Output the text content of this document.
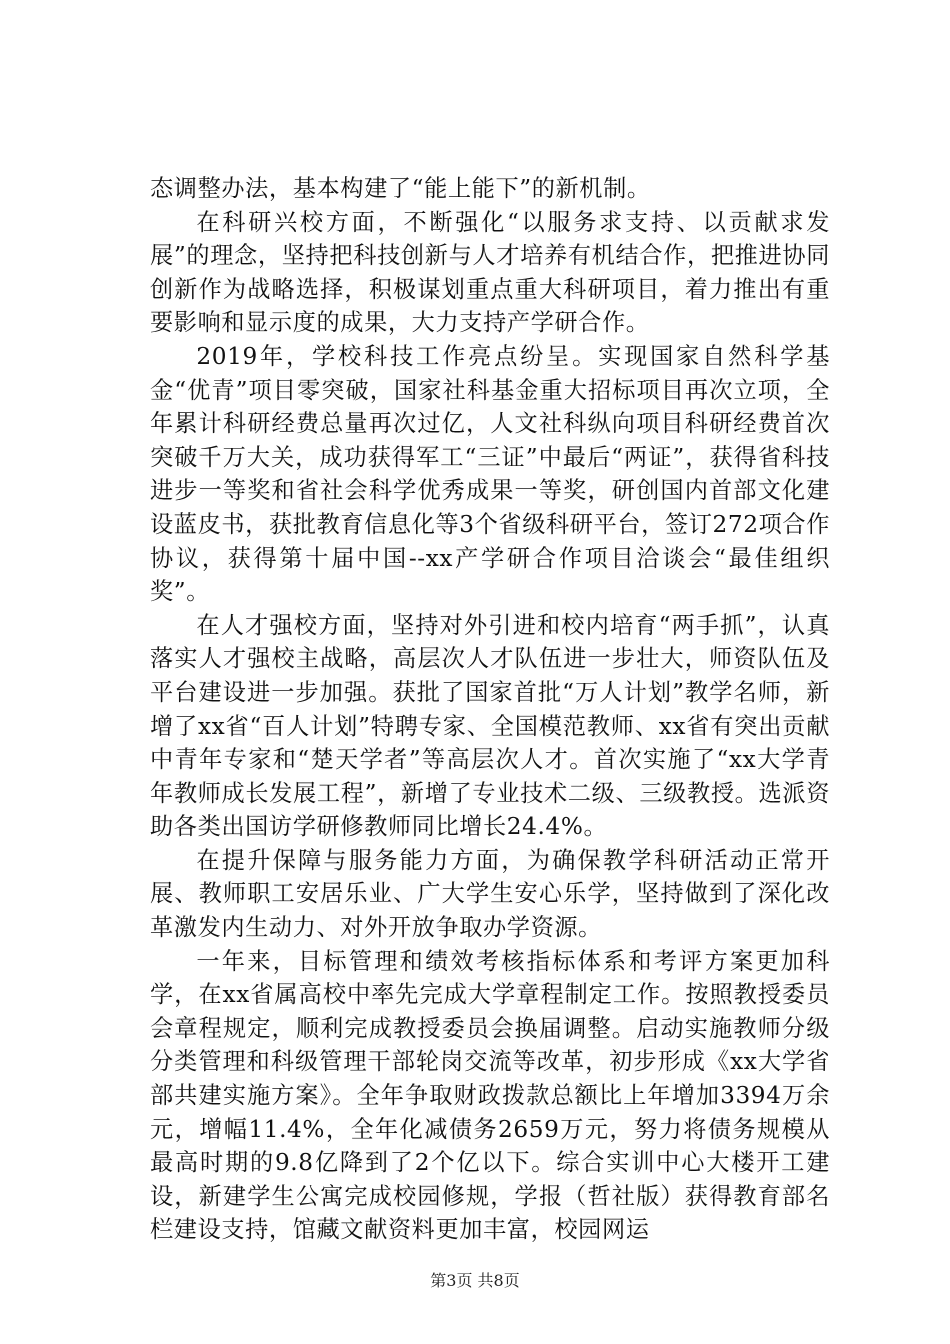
态调整办法，基本构建了“能上能下”的新机制。

在科研兴校方面，不断强化“以服务求支持、以贡献求发展”的理念，坚持把科技创新与人才培养有机结合作，把推进协同创新作为战略选择，积极谋划重点重大科研项目，着力推出有重要影响和显示度的成果，大力支持产学研合作。

2019年，学校科技工作亮点纷呈。实现国家自然科学基金“优青”项目零突破，国家社科基金重大招标项目再次立项，全年累计科研经费总量再次过亿，人文社科纵向项目科研经费首次突破千万大关，成功获得军工“三证”中最后“两证”，获得省科技进步一等奖和省社会科学优秀成果一等奖，研创国内首部文化建设蓝皮书，获批教育信息化等3个省级科研平台，签订272项合作协议，获得第十届中国--xx产学研合作项目洽谈会“最佳组织奖”。

在人才强校方面，坚持对外引进和校内培育“两手抓”，认真落实人才强校主战略，高层次人才队伍进一步壮大，师资队伍及平台建设进一步加强。获批了国家首批“万人计划”教学名师，新增了xx省“百人计划”特聘专家、全国模范教师、xx省有突出贡献中青年专家和“楚天学者”等高层次人才。首次实施了“xx大学青年教师成长发展工程”，新增了专业技术二级、三级教授。选派资助各类出国访学研修教师同比增长24.4%。

在提升保障与服务能力方面，为确保教学科研活动正常开展、教师职工安居乐业、广大学生安心乐学，坚持做到了深化改革激发内生动力、对外开放争取办学资源。

一年来，目标管理和绩效考核指标体系和考评方案更加科学，在xx省属高校中率先完成大学章程制定工作。按照教授委员会章程规定，顺利完成教授委员会换届调整。启动实施教师分级分类管理和科级管理干部轮岗交流等改革，初步形成《xx大学省部共建实施方案》。全年争取财政拨款总额比上年增加3394万余元，增幅11.4%，全年化减债务2659万元，努力将债务规模从最高时期的9.8亿降到了2个亿以下。综合实训中心大楼开工建设，新建学生公寓完成校园修规，学报（哲社版）获得教育部名栏建设支持，馆藏文献资料更加丰富，校园网运

第3页 共8页
